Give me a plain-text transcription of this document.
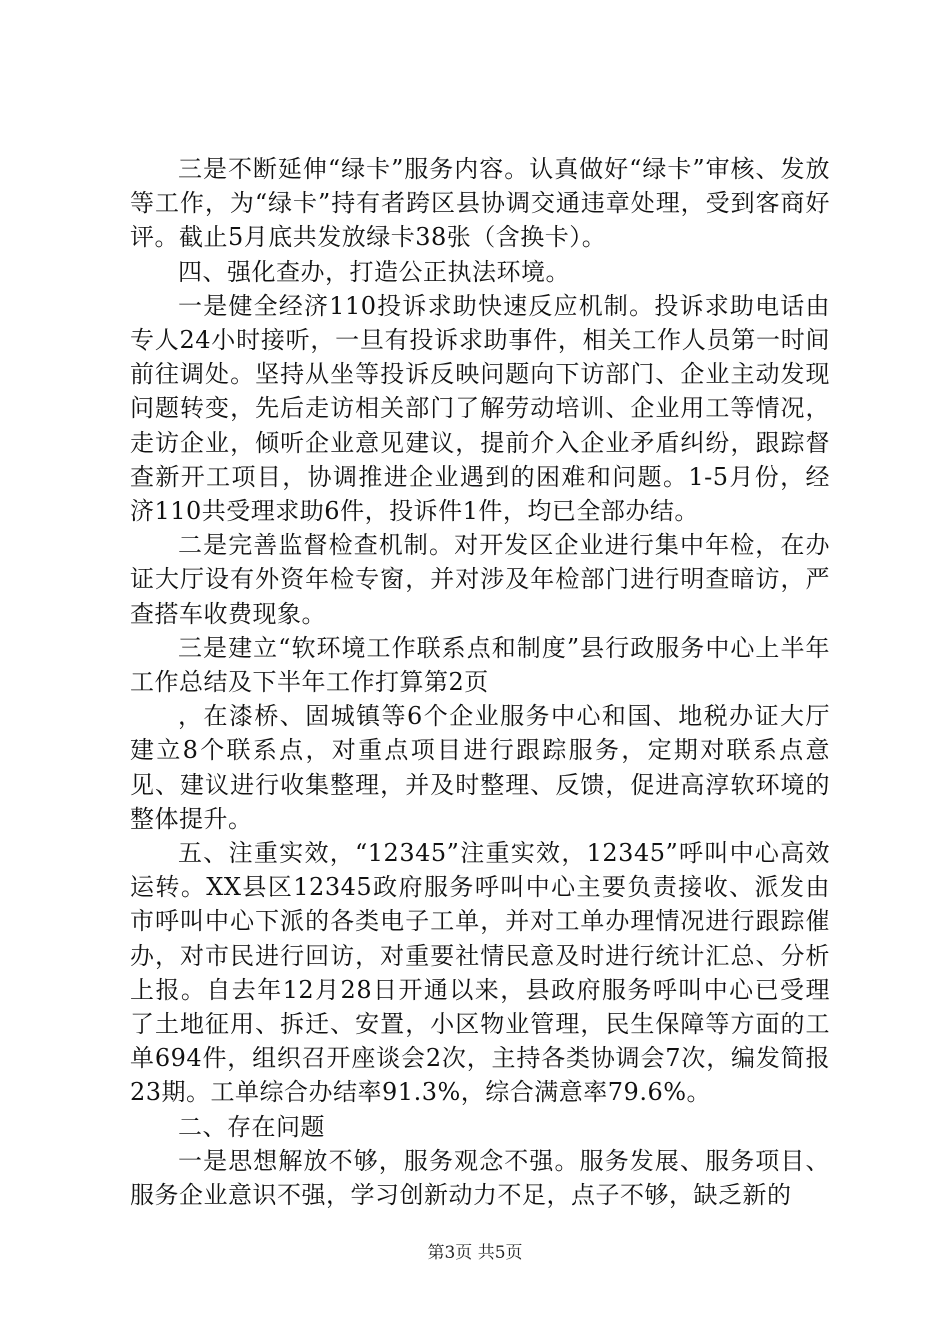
三是不断延伸“绿卡”服务内容。认真做好“绿卡”审核、发放等工作，为“绿卡”持有者跨区县协调交通违章处理，受到客商好评。截止5月底共发放绿卡38张（含换卡）。

四、强化查办，打造公正执法环境。

一是健全经济110投诉求助快速反应机制。投诉求助电话由专人24小时接听，一旦有投诉求助事件，相关工作人员第一时间前往调处。坚持从坐等投诉反映问题向下访部门、企业主动发现问题转变，先后走访相关部门了解劳动培训、企业用工等情况，走访企业，倾听企业意见建议，提前介入企业矛盾纠纷，跟踪督查新开工项目，协调推进企业遇到的困难和问题。1-5月份，经济110共受理求助6件，投诉件1件，均已全部办结。

二是完善监督检查机制。对开发区企业进行集中年检，在办证大厅设有外资年检专窗，并对涉及年检部门进行明查暗访，严查搭车收费现象。

三是建立“软环境工作联系点和制度”县行政服务中心上半年工作总结及下半年工作打算第2页

，在漆桥、固城镇等6个企业服务中心和国、地税办证大厅建立8个联系点，对重点项目进行跟踪服务，定期对联系点意见、建议进行收集整理，并及时整理、反馈，促进高淳软环境的整体提升。

五、注重实效，“12345”注重实效，12345”呼叫中心高效运转。XX县区12345政府服务呼叫中心主要负责接收、派发由市呼叫中心下派的各类电子工单，并对工单办理情况进行跟踪催办，对市民进行回访，对重要社情民意及时进行统计汇总、分析上报。自去年12月28日开通以来，县政府服务呼叫中心已受理了土地征用、拆迁、安置，小区物业管理，民生保障等方面的工单694件，组织召开座谈会2次，主持各类协调会7次，编发简报23期。工单综合办结率91.3%，综合满意率79.6%。

二、存在问题

一是思想解放不够，服务观念不强。服务发展、服务项目、服务企业意识不强，学习创新动力不足，点子不够，缺乏新的

第3页 共5页
